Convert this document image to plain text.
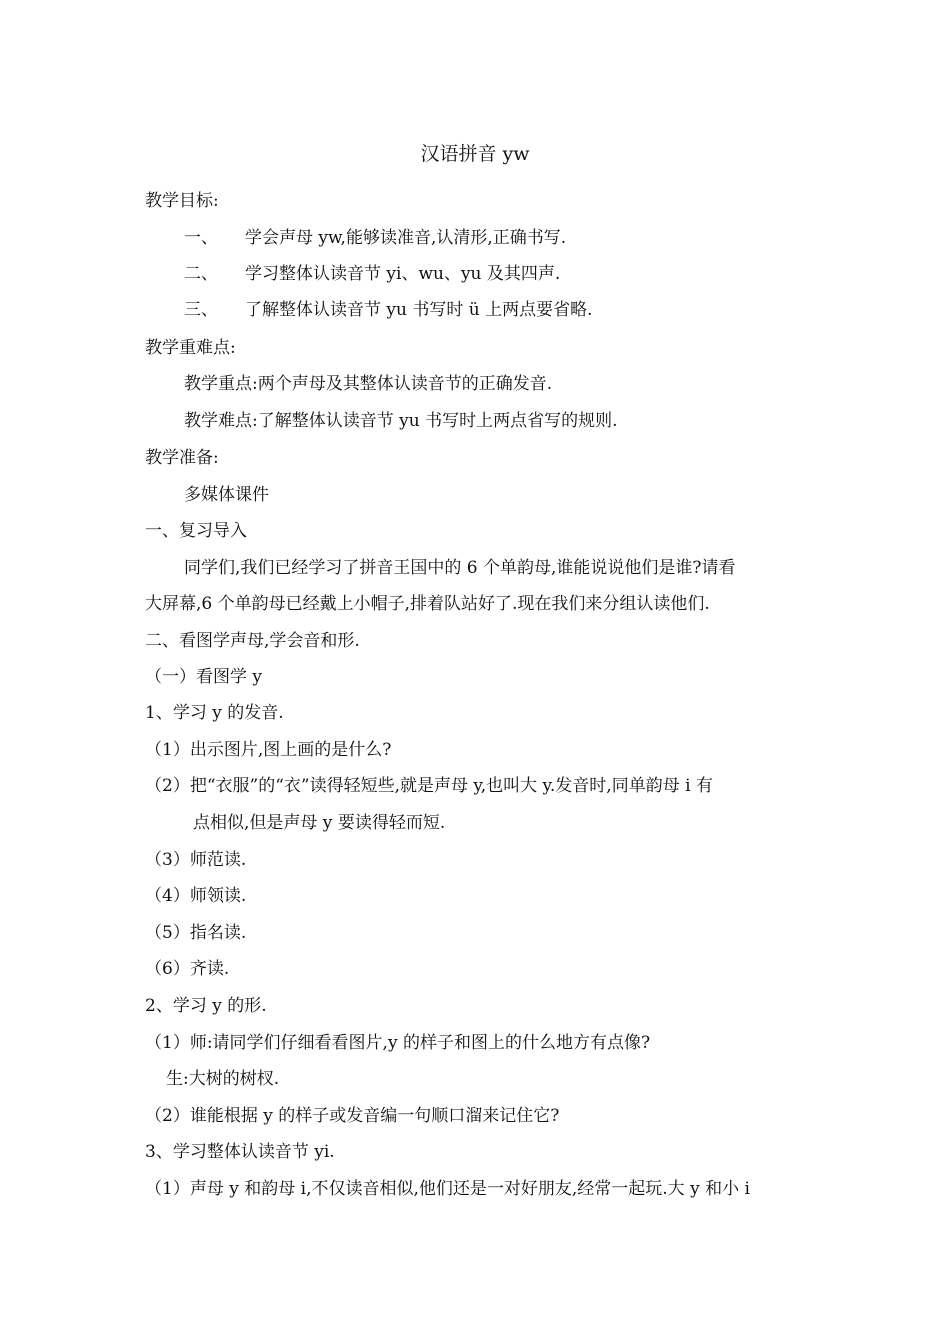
汉语拼音 yw
教学目标:
一、 学会声母 yw,能够读准音,认清形,正确书写.
二、 学习整体认读音节 yi、wu、yu 及其四声.
三、 了解整体认读音节 yu 书写时 ü 上两点要省略.
教学重难点:
教学重点:两个声母及其整体认读音节的正确发音.
教学难点:了解整体认读音节 yu 书写时上两点省写的规则.
教学准备:
多媒体课件
一、复习导入
同学们,我们已经学习了拼音王国中的 6 个单韵母,谁能说说他们是谁?请看
大屏幕,6 个单韵母已经戴上小帽子,排着队站好了.现在我们来分组认读他们.
二、看图学声母,学会音和形.
（一）看图学 y
1、学习 y 的发音.
（1）出示图片,图上画的是什么?
（2）把“衣服”的“衣”读得轻短些,就是声母 y,也叫大 y.发音时,同单韵母 i 有
点相似,但是声母 y 要读得轻而短.
（3）师范读.
（4）师领读.
（5）指名读.
（6）齐读.
2、学习 y 的形.
（1）师:请同学们仔细看看图片,y 的样子和图上的什么地方有点像?
生:大树的树杈.
（2）谁能根据 y 的样子或发音编一句顺口溜来记住它?
3、学习整体认读音节 yi.
（1）声母 y 和韵母 i,不仅读音相似,他们还是一对好朋友,经常一起玩.大 y 和小 i
